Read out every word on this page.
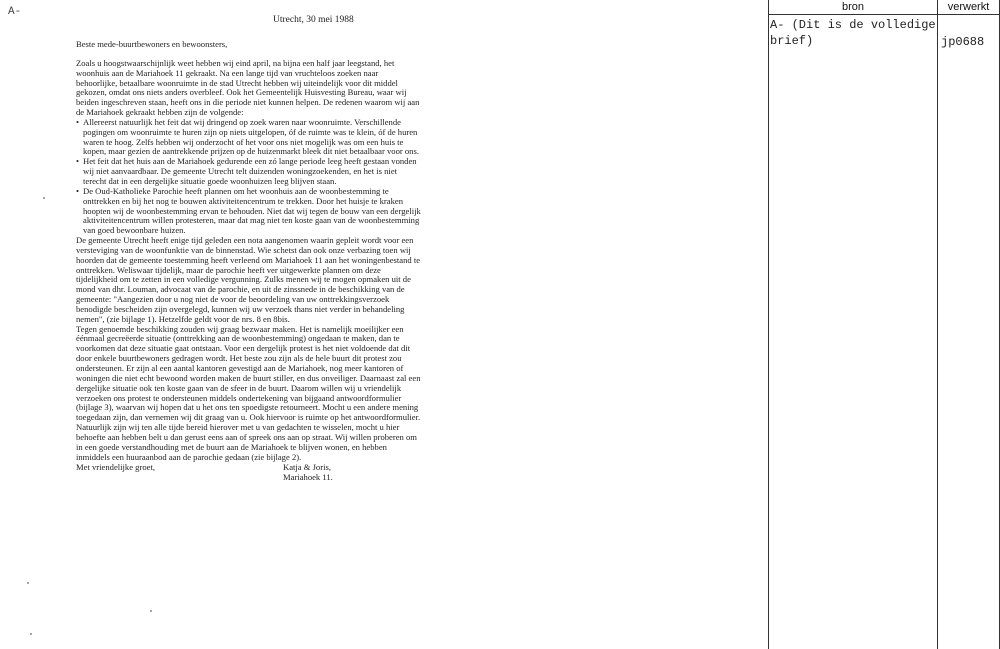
A-
Utrecht, 30 mei 1988

Beste mede-buurtbewoners en bewoonsters,

Zoals u hoogstwaarschijnlijk weet hebben wij eind april, na bijna een half jaar leegstand, het woonhuis aan de Mariahoek 11 gekraakt. Na een lange tijd van vruchteloos zoeken naar behoorlijke, betaalbare woonruimte in de stad Utrecht hebben wij uiteindelijk voor dit middel gekozen, omdat ons niets anders overbleef. Ook het Gemeentelijk Huisvesting Bureau, waar wij beiden ingeschreven staan, heeft ons in die periode niet kunnen helpen. De redenen waarom wij aan de Mariahoek gekraakt hebben zijn de volgende:

• Allereerst natuurlijk het feit dat wij dringend op zoek waren naar woonruimte. Verschillende pogingen om woonruimte te huren zijn op niets uitgelopen, óf de ruimte was te klein, óf de huren waren te hoog. Zelfs hebben wij onderzocht of het voor ons niet mogelijk was om een huis te kopen, maar gezien de aantrekkende prijzen op de huizenmarkt bleek dit niet betaalbaar voor ons.

• Het feit dat het huis aan de Mariahoek gedurende een zó lange periode leeg heeft gestaan vonden wij niet aanvaardbaar. De gemeente Utrecht telt duizenden woningzoekenden, en het is niet terecht dat in een dergelijke situatie goede woonhuizen leeg blijven staan.

• De Oud-Katholieke Parochie heeft plannen om het woonhuis aan de woonbestemming te onttrekken en bij het nog te bouwen aktiviteitencentrum te trekken. Door het huisje te kraken hoopten wij de woonbestemming ervan te behouden. Niet dat wij tegen de bouw van een dergelijk aktiviteitencentrum willen protesteren, maar dat mag niet ten koste gaan van de woonbestemming van goed bewoonbare huizen.

De gemeente Utrecht heeft enige tijd geleden een nota aangenomen waarin gepleit wordt voor een versteviging van de woonfunktie van de binnenstad. Wie schetst dan ook onze verbazing toen wij hoorden dat de gemeente toestemming heeft verleend om Mariahoek 11 aan het woningenbestand te onttrekken. Weliswaar tijdelijk, maar de parochie heeft ver uitgewerkte plannen om deze tijdelijkheid om te zetten in een volledige vergunning. Zulks menen wij te mogen opmaken uit de mond van dhr. Louman, advocaat van de parochie, en uit de zinssnede in de beschikking van de gemeente: "Aangezien door u nog niet de voor de beoordeling van uw onttrekkingsverzoek benodigde bescheiden zijn overgelegd, kunnen wij uw verzoek thans niet verder in behandeling nemen", (zie bijlage 1). Hetzelfde geldt voor de nrs. 8 en 8bis.

Tegen genoemde beschikking zouden wij graag bezwaar maken. Het is namelijk moeilijker een éénmaal gecreëerde situatie (onttrekking aan de woonbestemming) ongedaan te maken, dan te voorkomen dat deze situatie gaat ontstaan. Voor een dergelijk protest is het niet voldoende dat dit door enkele buurtbewoners gedragen wordt. Het beste zou zijn als de hele buurt dit protest zou ondersteunen. Er zijn al een aantal kantoren gevestigd aan de Mariahoek, nog meer kantoren of woningen die niet echt bewoond worden maken de buurt stiller, en dus onveiliger. Daarnaast zal een dergelijke situatie ook ten koste gaan van de sfeer in de buurt. Daarom willen wij u vriendelijk verzoeken ons protest te ondersteunen middels ondertekening van bijgaand antwoordformulier (bijlage 3), waarvan wij hopen dat u het ons ten spoedigste retourneert. Mocht u een andere mening toegedaan zijn, dan vernemen wij dit graag van u. Ook hiervoor is ruimte op het antwoordformulier. Natuurlijk zijn wij ten alle tijde bereid hierover met u van gedachten te wisselen, mocht u hier behoefte aan hebben belt u dan gerust eens aan of spreek ons aan op straat. Wij willen proberen om in een goede verstandhouding met de buurt aan de Mariahoek te blijven wonen, en hebben inmiddels een huuraanbod aan de parochie gedaan (zie bijlage 2).

Met vriendelijke groet,	Katja & Joris,
Mariahoek 11.
bron	verwerkt
A- (Dit is de volledige brief)	jp0688
